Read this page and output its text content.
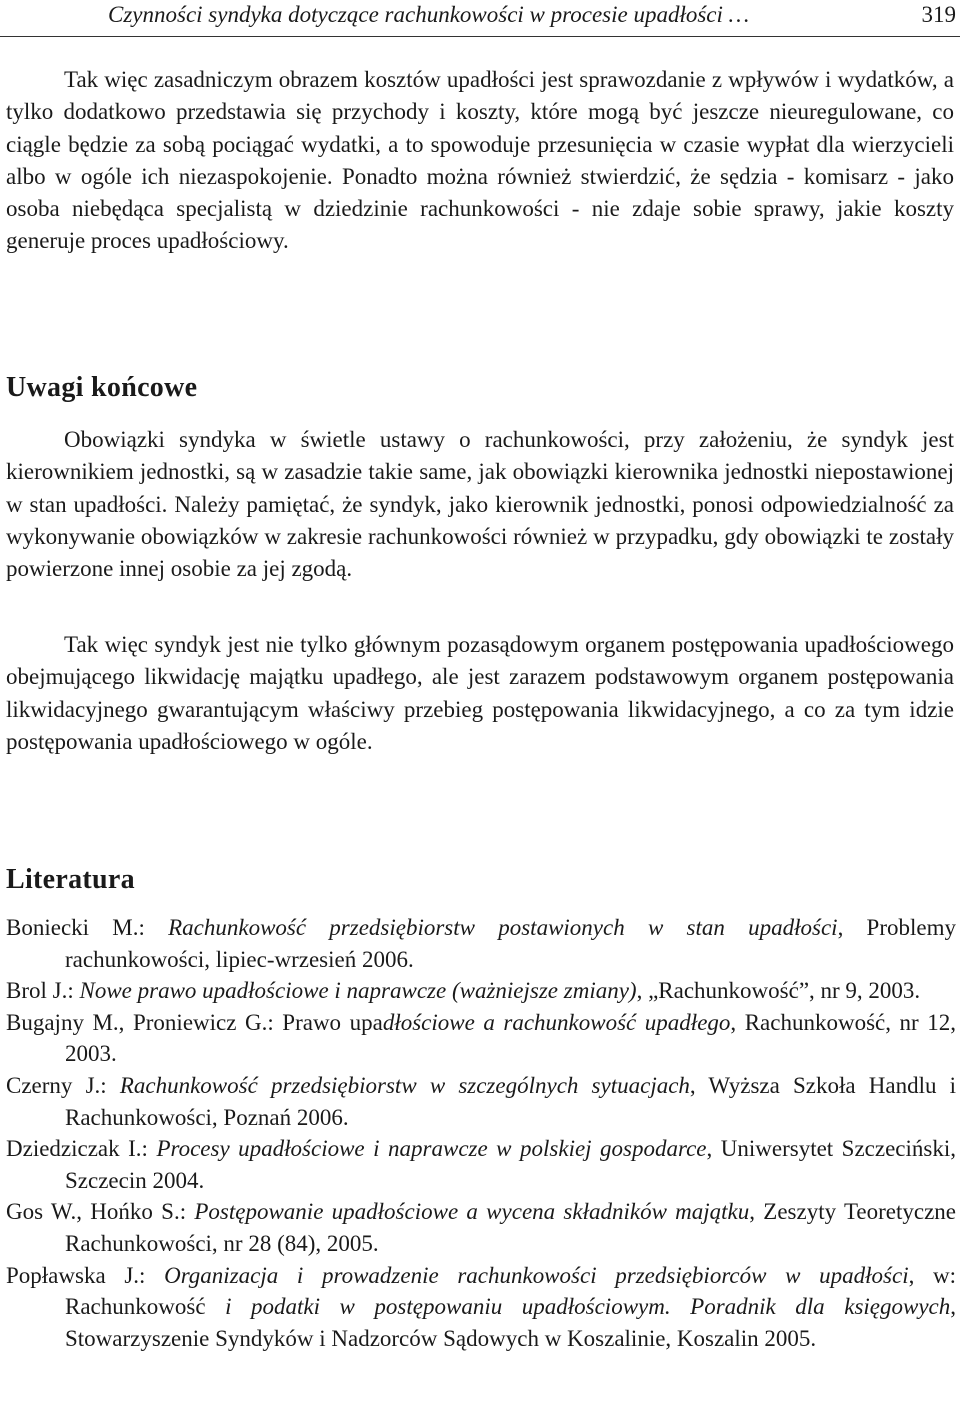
Czynności syndyka dotyczące rachunkowości w procesie upadłości …	319

Tak więc zasadniczym obrazem kosztów upadłości jest sprawozdanie z wpływów i wydatków, a tylko dodatkowo przedstawia się przychody i koszty, które mogą być jeszcze nieuregulowane, co ciągle będzie za sobą pociągać wydatki, a to spowoduje przesunięcia w czasie wypłat dla wierzycieli albo w ogóle ich niezaspokojenie. Ponadto można również stwierdzić, że sędzia - komisarz - jako osoba niebędąca specjalistą w dziedzinie rachunkowości - nie zdaje sobie sprawy, jakie koszty generuje proces upadłościowy.

Uwagi końcowe

Obowiązki syndyka w świetle ustawy o rachunkowości, przy założeniu, że syndyk jest kierownikiem jednostki, są w zasadzie takie same, jak obowiązki kierownika jednostki niepostawionej w stan upadłości. Należy pamiętać, że syndyk, jako kierownik jednostki, ponosi odpowiedzialność za wykonywanie obowiązków w zakresie rachunkowości również w przypadku, gdy obowiązki te zostały powierzone innej osobie za jej zgodą.

Tak więc syndyk jest nie tylko głównym pozasądowym organem postępowania upadłościowego obejmującego likwidację majątku upadłego, ale jest zarazem podstawowym organem postępowania likwidacyjnego gwarantującym właściwy przebieg postępowania likwidacyjnego, a co za tym idzie postępowania upadłościowego w ogóle.

Literatura

Boniecki M.: Rachunkowość przedsiębiorstw postawionych w stan upadłości, Problemy rachunkowości, lipiec-wrzesień 2006.

Brol J.: Nowe prawo upadłościowe i naprawcze (ważniejsze zmiany), „Rachunkowość”, nr 9, 2003.

Bugajny M., Proniewicz G.: Prawo upadłościowe a rachunkowość upadłego, Rachunkowość, nr 12, 2003.

Czerny J.: Rachunkowość przedsiębiorstw w szczególnych sytuacjach, Wyższa Szkoła Handlu i Rachunkowości, Poznań 2006.

Dziedziczak I.: Procesy upadłościowe i naprawcze w polskiej gospodarce, Uniwersytet Szczeciński, Szczecin 2004.

Gos W., Hońko S.: Postępowanie upadłościowe a wycena składników majątku, Zeszyty Teoretyczne Rachunkowości, nr 28 (84), 2005.

Popławska J.: Organizacja i prowadzenie rachunkowości przedsiębiorców w upadłości, w: Rachunkowość i podatki w postępowaniu upadłościowym. Poradnik dla księgowych, Stowarzyszenie Syndyków i Nadzorców Sądowych w Koszalinie, Koszalin 2005.
